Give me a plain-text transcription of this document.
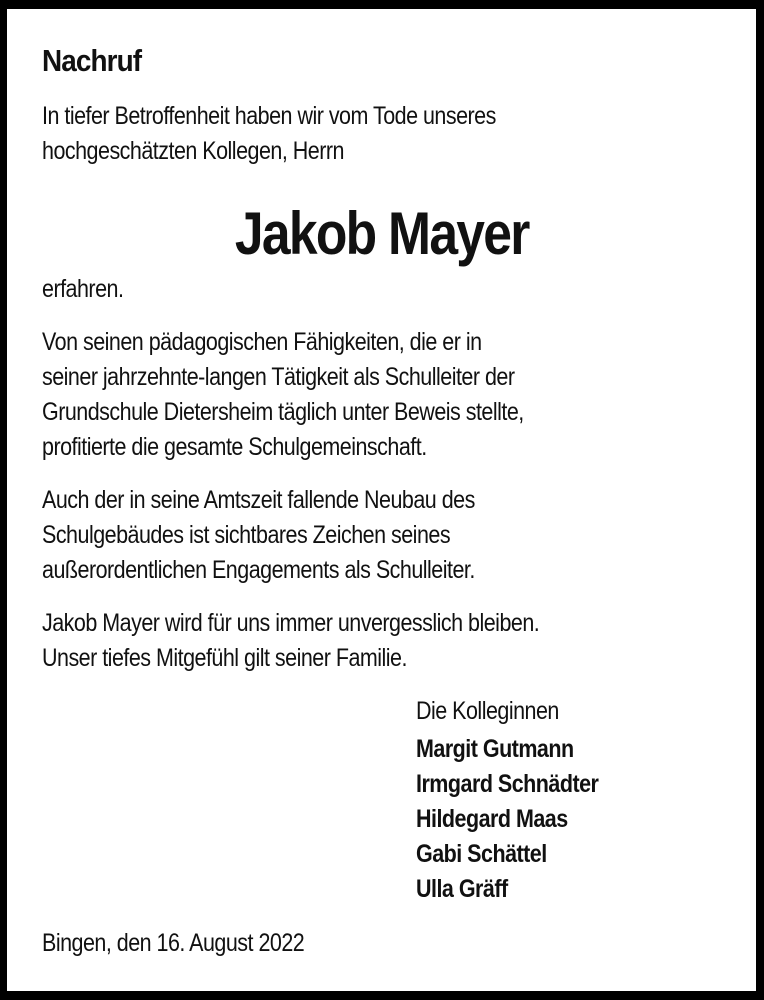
Nachruf
In tiefer Betroffenheit haben wir vom Tode unseres
hochgeschätzten Kollegen, Herrn
Jakob Mayer
erfahren.
Von seinen pädagogischen Fähigkeiten, die er in
seiner jahrzehnte-langen Tätigkeit als Schulleiter der
Grundschule Dietersheim täglich unter Beweis stellte,
profitierte die gesamte Schulgemeinschaft.
Auch der in seine Amtszeit fallende Neubau des
Schulgebäudes ist sichtbares Zeichen seines
außerordentlichen Engagements als Schulleiter.
Jakob Mayer wird für uns immer unvergesslich bleiben.
Unser tiefes Mitgefühl gilt seiner Familie.
Die Kolleginnen
Margit Gutmann
Irmgard Schnädter
Hildegard Maas
Gabi Schättel
Ulla Gräff
Bingen, den 16. August 2022
